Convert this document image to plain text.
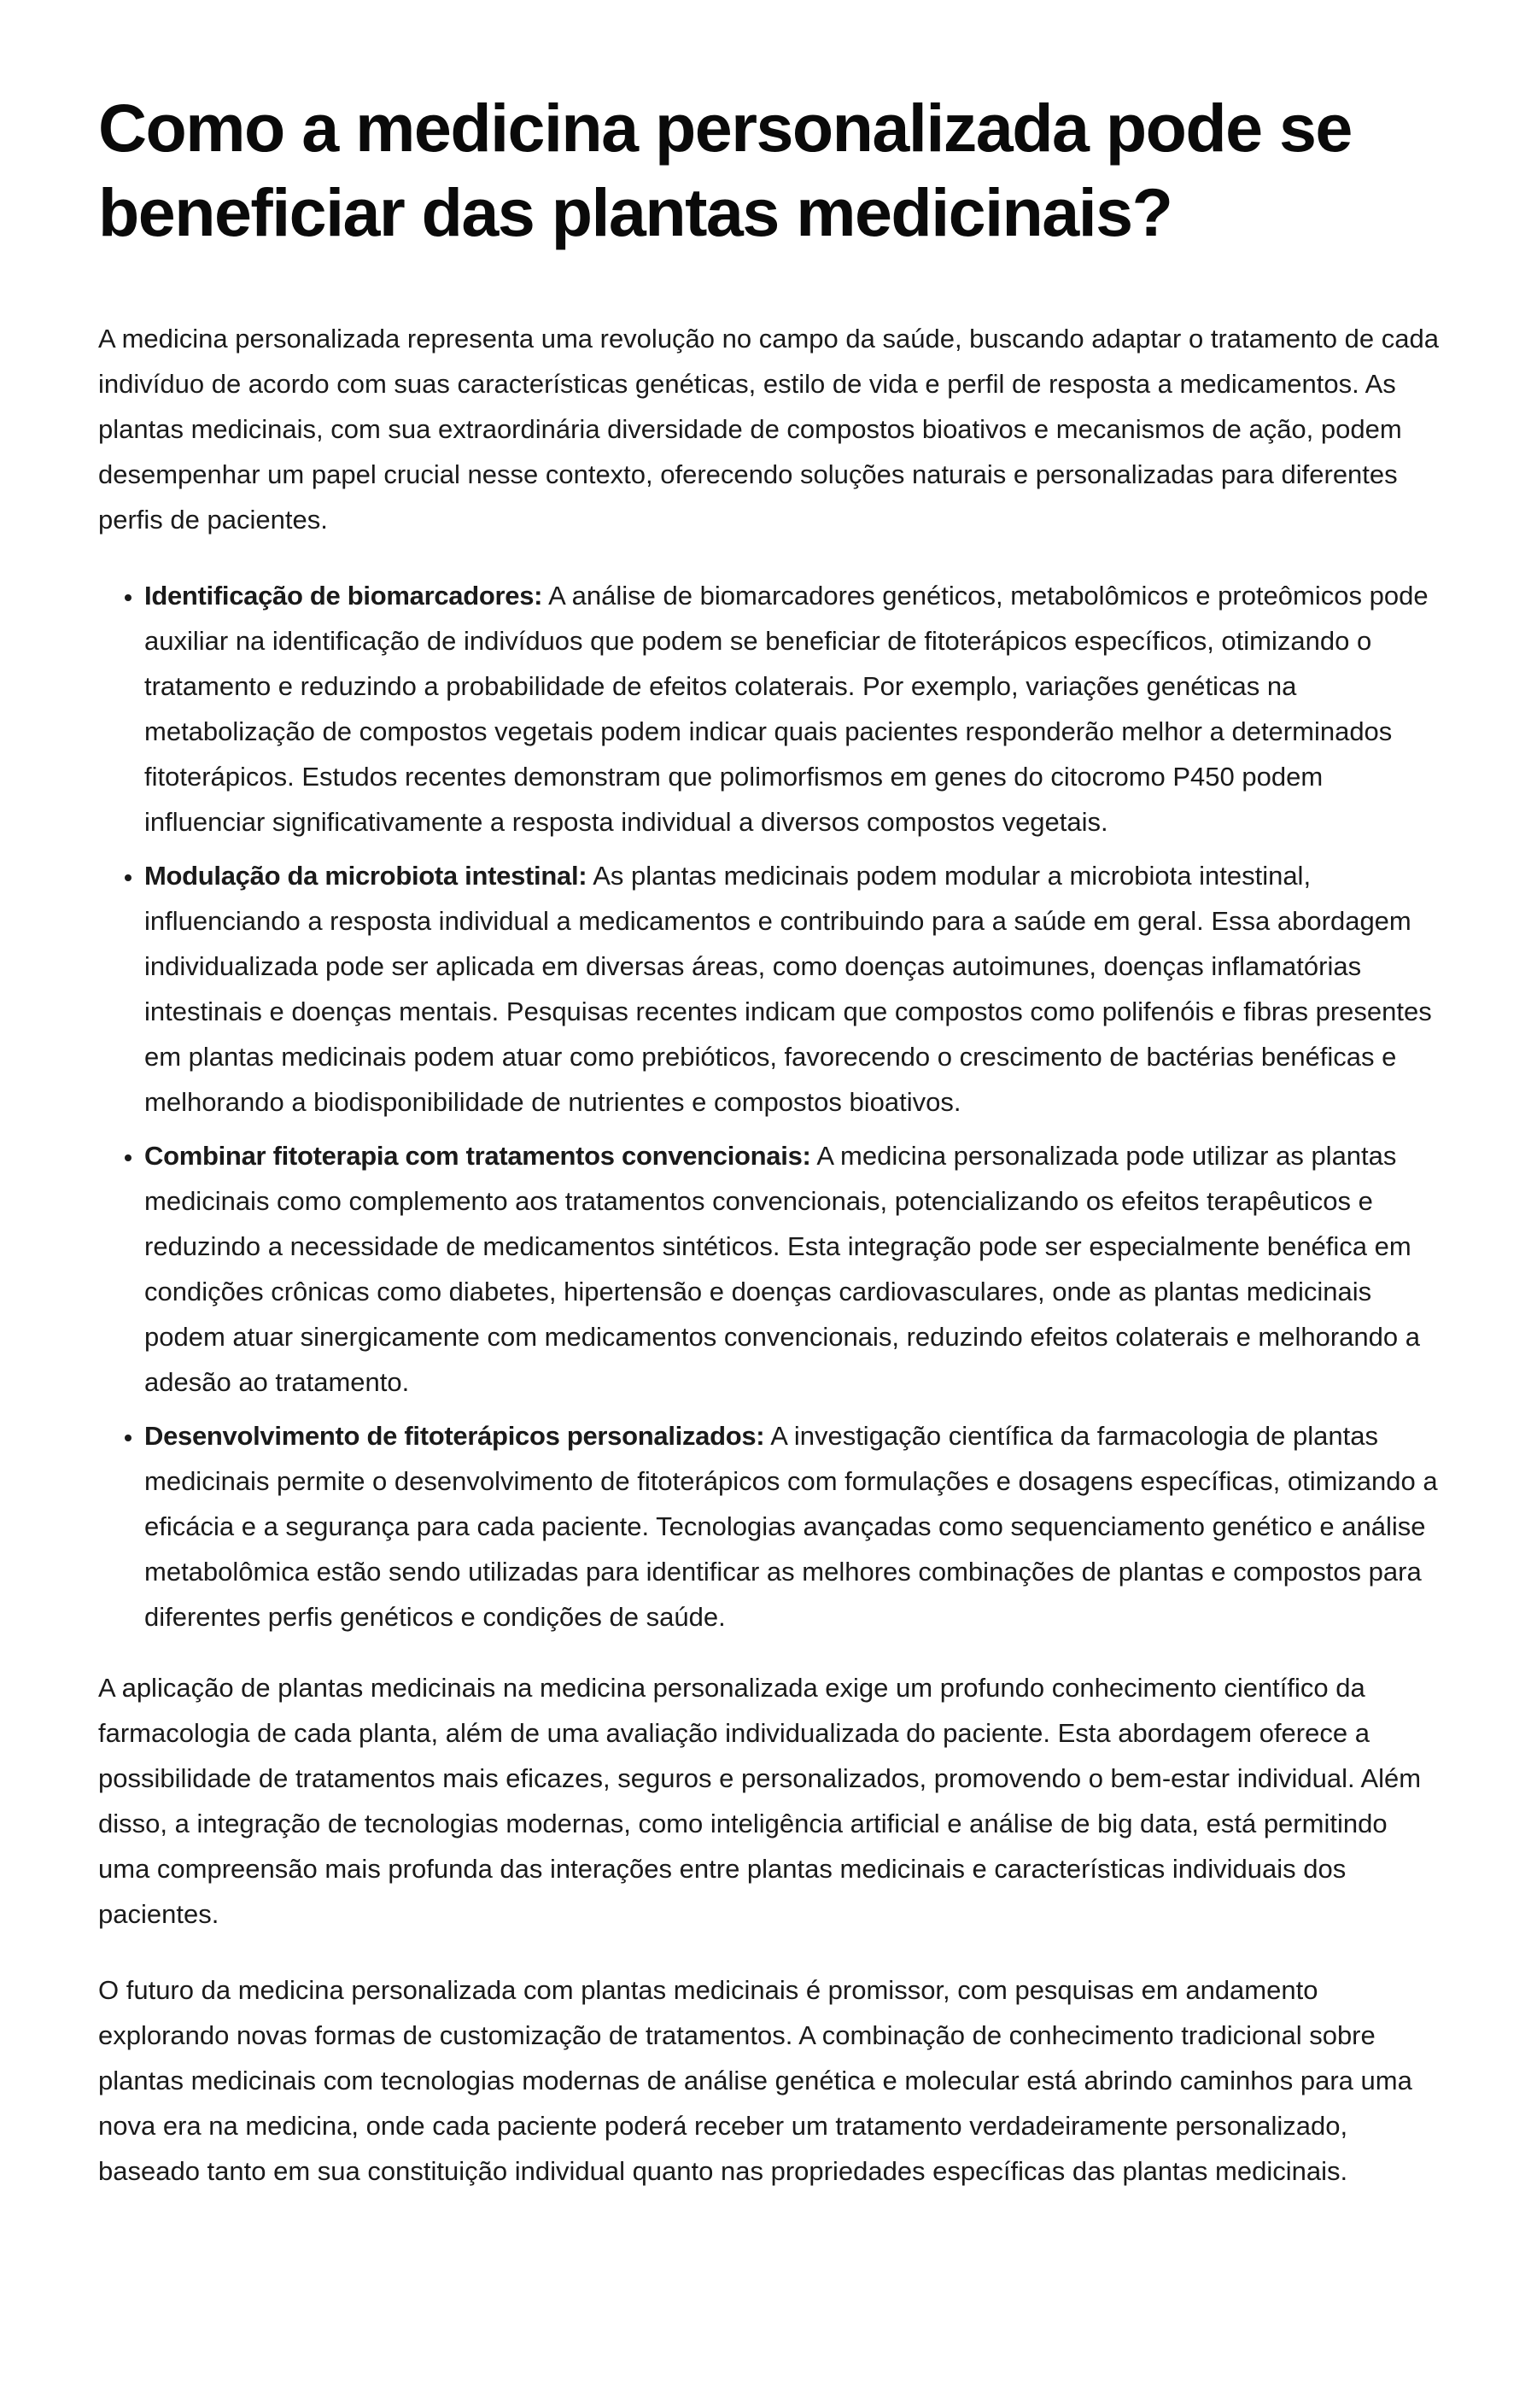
Como a medicina personalizada pode se beneficiar das plantas medicinais?

A medicina personalizada representa uma revolução no campo da saúde, buscando adaptar o tratamento de cada indivíduo de acordo com suas características genéticas, estilo de vida e perfil de resposta a medicamentos. As plantas medicinais, com sua extraordinária diversidade de compostos bioativos e mecanismos de ação, podem desempenhar um papel crucial nesse contexto, oferecendo soluções naturais e personalizadas para diferentes perfis de pacientes.

• Identificação de biomarcadores: A análise de biomarcadores genéticos, metabolômicos e proteômicos pode auxiliar na identificação de indivíduos que podem se beneficiar de fitoterápicos específicos, otimizando o tratamento e reduzindo a probabilidade de efeitos colaterais. Por exemplo, variações genéticas na metabolização de compostos vegetais podem indicar quais pacientes responderão melhor a determinados fitoterápicos. Estudos recentes demonstram que polimorfismos em genes do citocromo P450 podem influenciar significativamente a resposta individual a diversos compostos vegetais.
• Modulação da microbiota intestinal: As plantas medicinais podem modular a microbiota intestinal, influenciando a resposta individual a medicamentos e contribuindo para a saúde em geral. Essa abordagem individualizada pode ser aplicada em diversas áreas, como doenças autoimunes, doenças inflamatórias intestinais e doenças mentais. Pesquisas recentes indicam que compostos como polifenóis e fibras presentes em plantas medicinais podem atuar como prebióticos, favorecendo o crescimento de bactérias benéficas e melhorando a biodisponibilidade de nutrientes e compostos bioativos.
• Combinar fitoterapia com tratamentos convencionais: A medicina personalizada pode utilizar as plantas medicinais como complemento aos tratamentos convencionais, potencializando os efeitos terapêuticos e reduzindo a necessidade de medicamentos sintéticos. Esta integração pode ser especialmente benéfica em condições crônicas como diabetes, hipertensão e doenças cardiovasculares, onde as plantas medicinais podem atuar sinergicamente com medicamentos convencionais, reduzindo efeitos colaterais e melhorando a adesão ao tratamento.
• Desenvolvimento de fitoterápicos personalizados: A investigação científica da farmacologia de plantas medicinais permite o desenvolvimento de fitoterápicos com formulações e dosagens específicas, otimizando a eficácia e a segurança para cada paciente. Tecnologias avançadas como sequenciamento genético e análise metabolômica estão sendo utilizadas para identificar as melhores combinações de plantas e compostos para diferentes perfis genéticos e condições de saúde.

A aplicação de plantas medicinais na medicina personalizada exige um profundo conhecimento científico da farmacologia de cada planta, além de uma avaliação individualizada do paciente. Esta abordagem oferece a possibilidade de tratamentos mais eficazes, seguros e personalizados, promovendo o bem-estar individual. Além disso, a integração de tecnologias modernas, como inteligência artificial e análise de big data, está permitindo uma compreensão mais profunda das interações entre plantas medicinais e características individuais dos pacientes.

O futuro da medicina personalizada com plantas medicinais é promissor, com pesquisas em andamento explorando novas formas de customização de tratamentos. A combinação de conhecimento tradicional sobre plantas medicinais com tecnologias modernas de análise genética e molecular está abrindo caminhos para uma nova era na medicina, onde cada paciente poderá receber um tratamento verdadeiramente personalizado, baseado tanto em sua constituição individual quanto nas propriedades específicas das plantas medicinais.
